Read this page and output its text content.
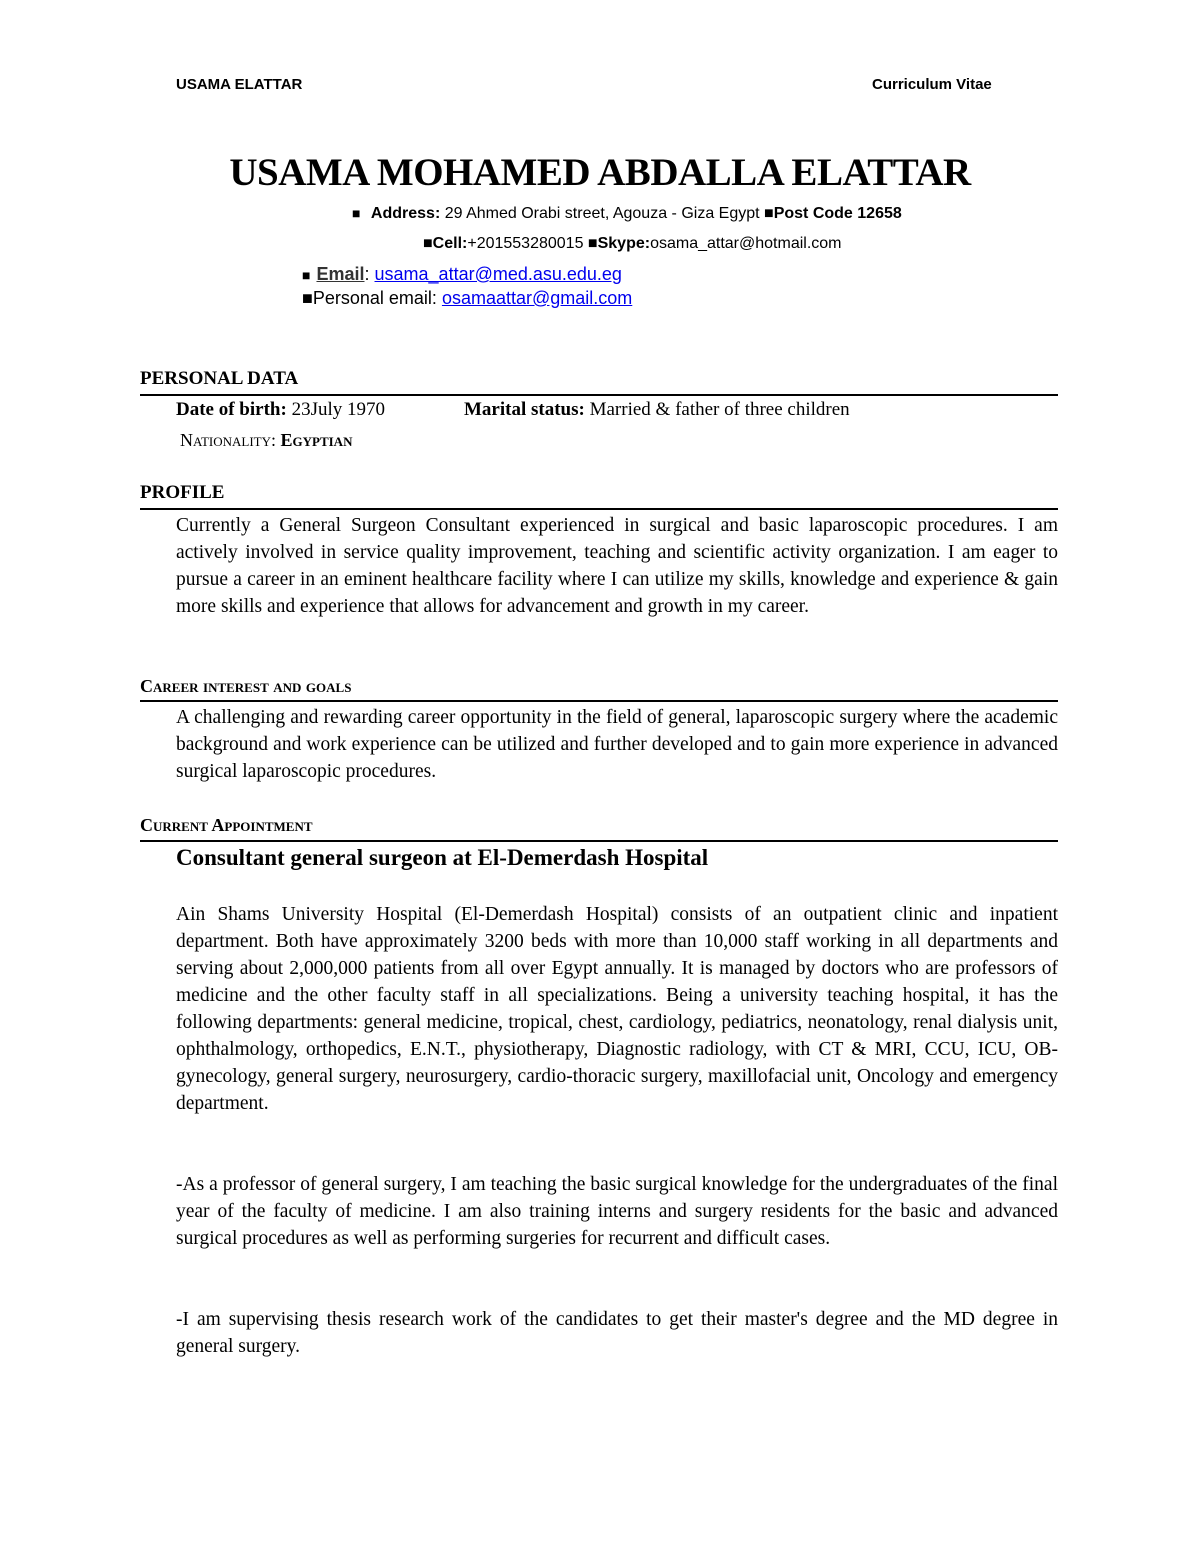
USAMA ELATTAR	Curriculum Vitae
USAMA MOHAMED ABDALLA ELATTAR
■ Address: 29 Ahmed Orabi street, Agouza - Giza Egypt ■Post Code 12658
■Cell:+201553280015 ■Skype:osama_attar@hotmail.com
■ Email: usama_attar@med.asu.edu.eg
■Personal email: osamaattar@gmail.com
PERSONAL DATA
Date of birth: 23July 1970	Marital status: Married & father of three children
Nationality: Egyptian
PROFILE
Currently a General Surgeon Consultant experienced in surgical and basic laparoscopic procedures. I am actively involved in service quality improvement, teaching and scientific activity organization. I am eager to pursue a career in an eminent healthcare facility where I can utilize my skills, knowledge and experience & gain more skills and experience that allows for advancement and growth in my career.
Career interest and goals
A challenging and rewarding career opportunity in the field of general, laparoscopic surgery where the academic background and work experience can be utilized and further developed and to gain more experience in advanced surgical laparoscopic procedures.
Current Appointment
Consultant general surgeon at El-Demerdash Hospital
Ain Shams University Hospital (El-Demerdash Hospital) consists of an outpatient clinic and inpatient department. Both have approximately 3200 beds with more than 10,000 staff working in all departments and serving about 2,000,000 patients from all over Egypt annually. It is managed by doctors who are professors of medicine and the other faculty staff in all specializations. Being a university teaching hospital, it has the following departments: general medicine, tropical, chest, cardiology, pediatrics, neonatology, renal dialysis unit, ophthalmology, orthopedics, E.N.T., physiotherapy, Diagnostic radiology, with CT & MRI, CCU, ICU, OB-gynecology, general surgery, neurosurgery, cardio-thoracic surgery, maxillofacial unit, Oncology and emergency department.
-As a professor of general surgery, I am teaching the basic surgical knowledge for the undergraduates of the final year of the faculty of medicine. I am also training interns and surgery residents for the basic and advanced surgical procedures as well as performing surgeries for recurrent and difficult cases.
-I am supervising thesis research work of the candidates to get their master's degree and the MD degree in general surgery.
